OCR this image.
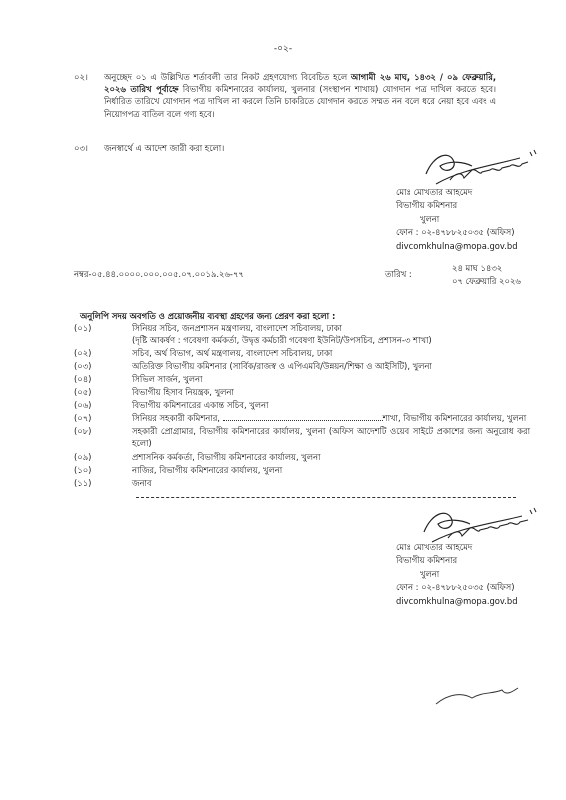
-০২-
০২। অনুচ্ছেদ ০১ এ উল্লিখিত শর্তাবলী তার নিকট গ্রহণযোগ্য বিবেচিত হলে আগামী ২৬ মাঘ, ১৪৩২ / ০৯ ফেব্রুয়ারি, ২০২৬ তারিখ পূর্বাহ্নে বিভাগীয় কমিশনারের কার্যালয়, খুলনার (সংস্থাপন শাখায়) যোগদান পত্র দাখিল করতে হবে। নির্ধারিত তারিখে যোগদান পত্র দাখিল না করলে তিনি চাকরিতে যোগদান করতে সম্মত নন বলে ধরে নেয়া হবে এবং এ নিয়োগপত্র বাতিল বলে গণ্য হবে।
০৩। জনস্বার্থে এ আদেশ জারী করা হলো।
মোঃ মোখতার আহমেদ
বিভাগীয় কমিশনার
খুলনা
ফোন : ০২-৪৭৮৮২৫০৩৫ (অফিস)
divcomkhulna@mopa.gov.bd
নম্বর-০৫.৪৪.০০০০.০০০.০০৫.০৭.০০১৯.২৬-৭৭	তারিখ :
২৪ মাঘ ১৪৩২
০৭ ফেব্রুয়ারি ২০২৬
অনুলিপি সদয় অবগতি ও প্রয়োজনীয় ব্যবস্থা গ্রহণের জন্য প্রেরণ করা হলো :
(০১)	সিনিয়র সচিব, জনপ্রশাসন মন্ত্রণালয়, বাংলাদেশ সচিবালয়, ঢাকা
(দৃষ্টি আকর্ষণ : গবেষণা কর্মকর্তা, উদ্বৃত্ত কর্মচারী গবেষণা ইউনিট/উপসচিব, প্রশাসন-৩ শাখা)
(০২)	সচিব, অর্থ বিভাগ, অর্থ মন্ত্রণালয়, বাংলাদেশ সচিবালয়, ঢাকা
(০৩)	অতিরিক্ত বিভাগীয় কমিশনার (সার্বিক/রাজস্ব ও এপিএমবি/উন্নয়ন/শিক্ষা ও আইসিটি), খুলনা
(০৪)	সিভিল সার্জন, খুলনা
(০৫)	বিভাগীয় হিসাব নিয়ন্ত্রক, খুলনা
(০৬)	বিভাগীয় কমিশনারের একান্ত সচিব, খুলনা
(০৭)	সিনিয়র সহকারী কমিশনার,	শাখা, বিভাগীয় কমিশনারের কার্যালয়, খুলনা
(০৮)	সহকারী প্রোগ্রামার, বিভাগীয় কমিশনারের কার্যালয়, খুলনা (অফিস আদেশটি ওয়েব সাইটে প্রকাশের জন্য অনুরোধ করা হলো)
(০৯)	প্রশাসনিক কর্মকর্তা, বিভাগীয় কমিশনারের কার্যালয়, খুলনা
(১০)	নাজির, বিভাগীয় কমিশনারের কার্যালয়, খুলনা
(১১)	জনাব
মোঃ মোখতার আহমেদ
বিভাগীয় কমিশনার
খুলনা
ফোন : ০২-৪৭৮৮২৫০৩৫ (অফিস)
divcomkhulna@mopa.gov.bd
